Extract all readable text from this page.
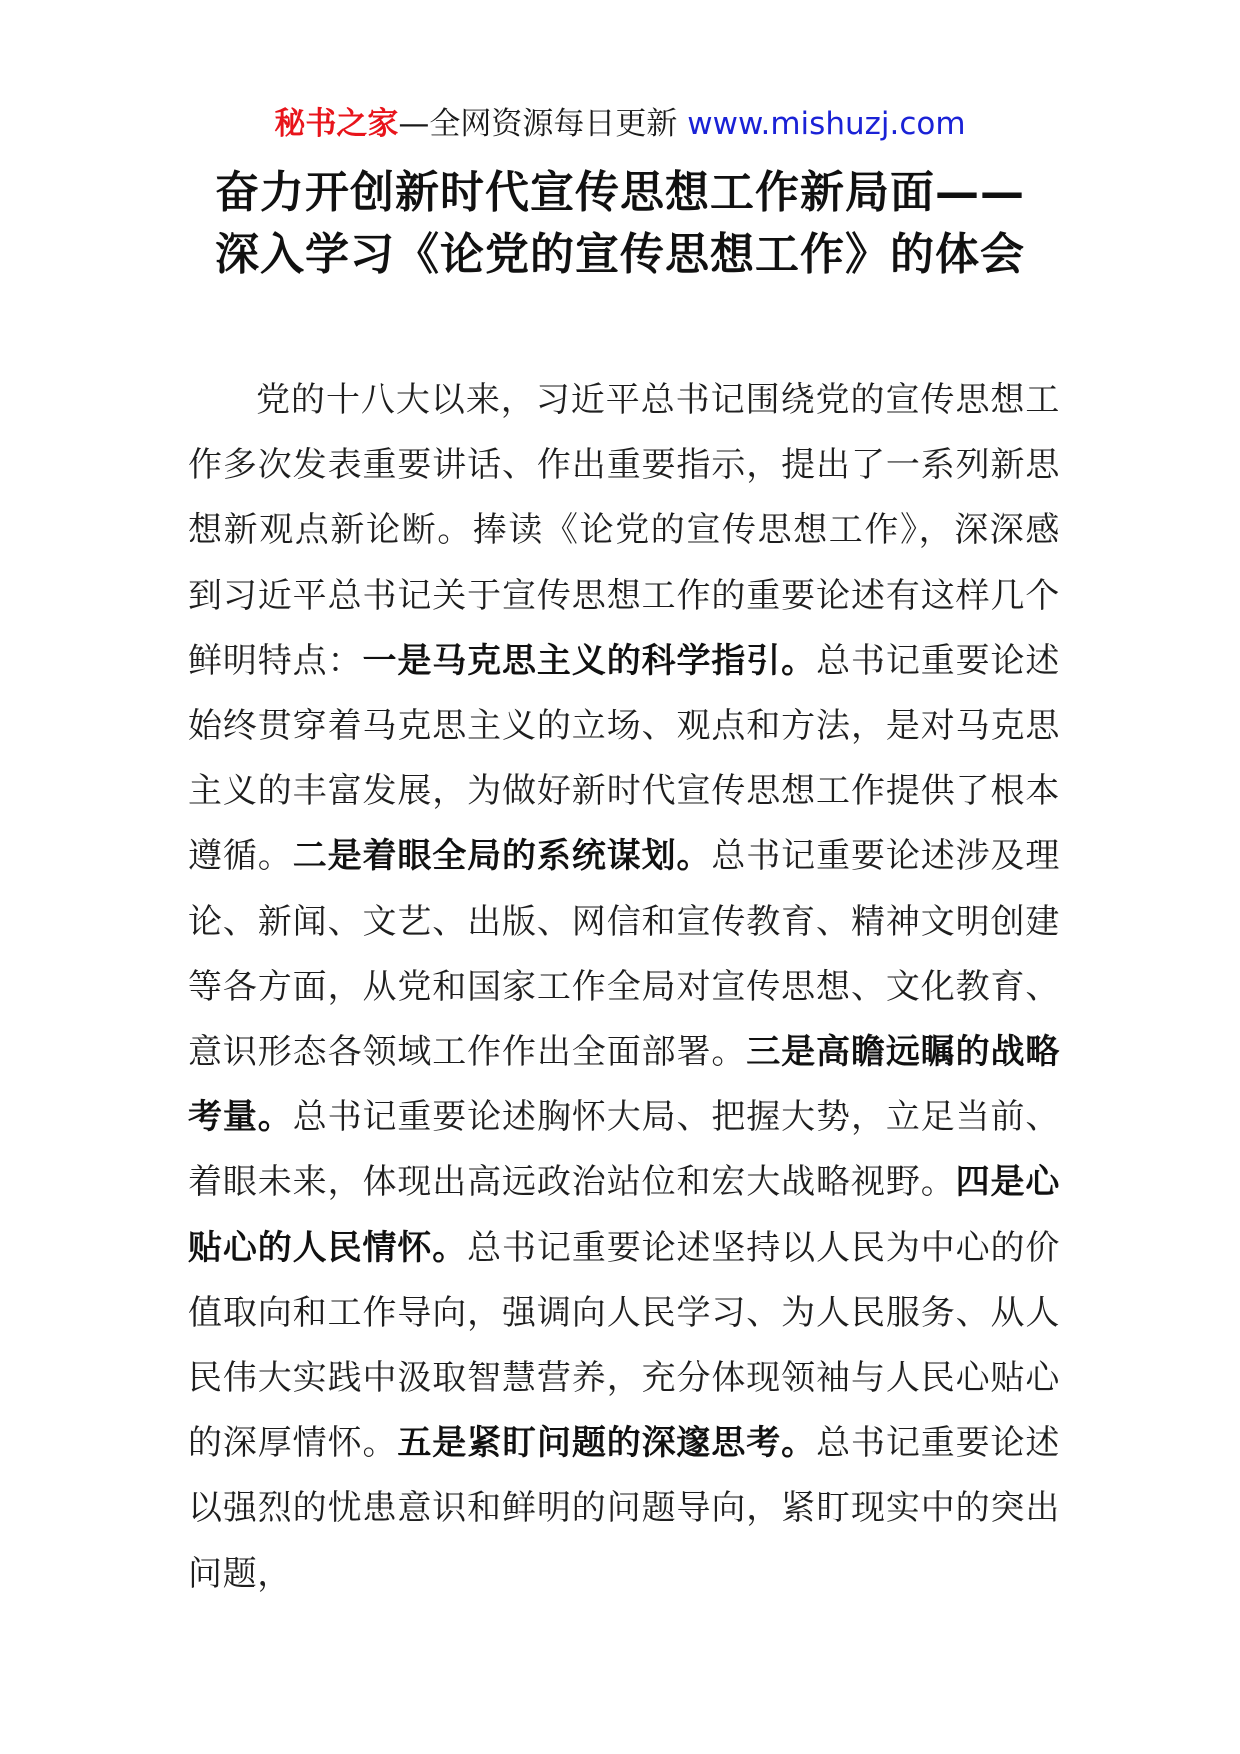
秘书之家—全网资源每日更新 www.mishuzj.com
奋力开创新时代宣传思想工作新局面——
深入学习《论党的宣传思想工作》的体会
党的十八大以来，习近平总书记围绕党的宣传思想工作多次发表重要讲话、作出重要指示，提出了一系列新思想新观点新论断。捧读《论党的宣传思想工作》，深深感到习近平总书记关于宣传思想工作的重要论述有这样几个鲜明特点：一是马克思主义的科学指引。总书记重要论述始终贯穿着马克思主义的立场、观点和方法，是对马克思主义的丰富发展，为做好新时代宣传思想工作提供了根本遵循。二是着眼全局的系统谋划。总书记重要论述涉及理论、新闻、文艺、出版、网信和宣传教育、精神文明创建等各方面，从党和国家工作全局对宣传思想、文化教育、意识形态各领域工作作出全面部署。三是高瞻远瞩的战略考量。总书记重要论述胸怀大局、把握大势，立足当前、着眼未来，体现出高远政治站位和宏大战略视野。四是心贴心的人民情怀。总书记重要论述坚持以人民为中心的价值取向和工作导向，强调向人民学习、为人民服务、从人民伟大实践中汲取智慧营养，充分体现领袖与人民心贴心的深厚情怀。五是紧盯问题的深邃思考。总书记重要论述以强烈的忧患意识和鲜明的问题导向，紧盯现实中的突出问题，
